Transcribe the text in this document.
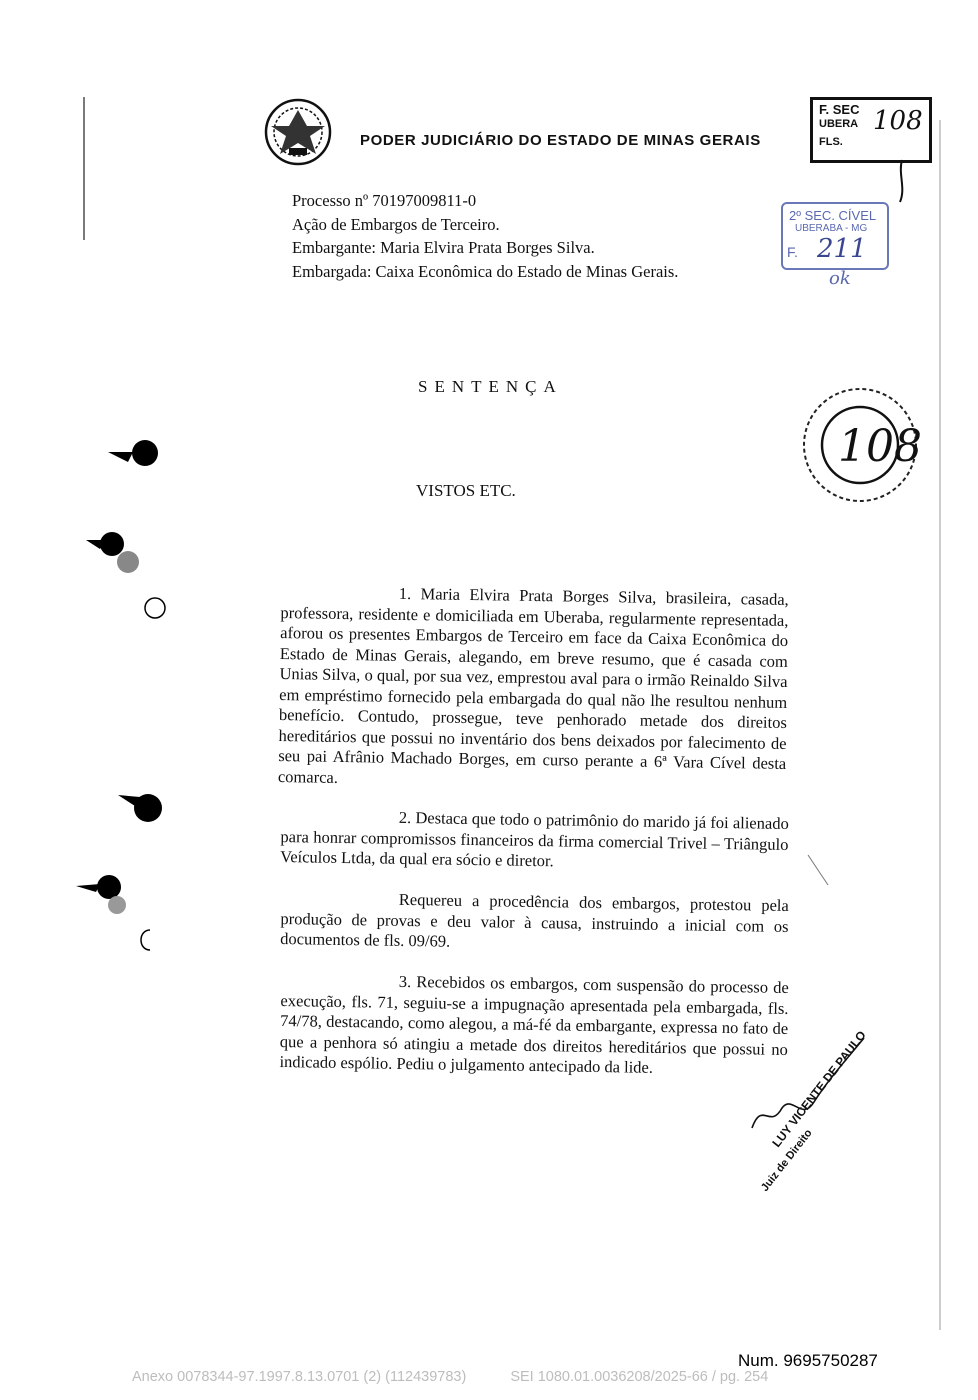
PODER JUDICIÁRIO DO ESTADO DE MINAS GERAIS
Processo nº 70197009811-0
Ação de Embargos de Terceiro.
Embargante: Maria Elvira Prata Borges Silva.
Embargada: Caixa Econômica do Estado de Minas Gerais.
F. SEC
UBERA
FLS.
108
2º SEC. CÍVEL
UBERABA - MG
F. 211
ok
108
SENTENÇA
VISTOS ETC.
1. Maria Elvira Prata Borges Silva, brasileira, casada, professora, residente e domiciliada em Uberaba, regularmente representada, aforou os presentes Embargos de Terceiro em face da Caixa Econômica do Estado de Minas Gerais, alegando, em breve resumo, que é casada com Unias Silva, o qual, por sua vez, emprestou aval para o irmão Reinaldo Silva em empréstimo fornecido pela embargada do qual não lhe resultou nenhum benefício. Contudo, prossegue, teve penhorado metade dos direitos hereditários que possui no inventário dos bens deixados por falecimento de seu pai Afrânio Machado Borges, em curso perante a 6ª Vara Cível desta comarca.
2. Destaca que todo o patrimônio do marido já foi alienado para honrar compromissos financeiros da firma comercial Trivel – Triângulo Veículos Ltda, da qual era sócio e diretor.
Requereu a procedência dos embargos, protestou pela produção de provas e deu valor à causa, instruindo a inicial com os documentos de fls. 09/69.
3. Recebidos os embargos, com suspensão do processo de execução, fls. 71, seguiu-se a impugnação apresentada pela embargada, fls. 74/78, destacando, como alegou, a má-fé da embargante, expressa no fato de que a penhora só atingiu a metade dos direitos hereditários que possui no indicado espólio. Pediu o julgamento antecipado da lide.	LUY VICENTE DE PAULO
Juiz de Direito
Num. 9695750287
Anexo 0078344-97.1997.8.13.0701 (2) (112439783)	SEI 1080.01.0036208/2025-66 / pg. 254
